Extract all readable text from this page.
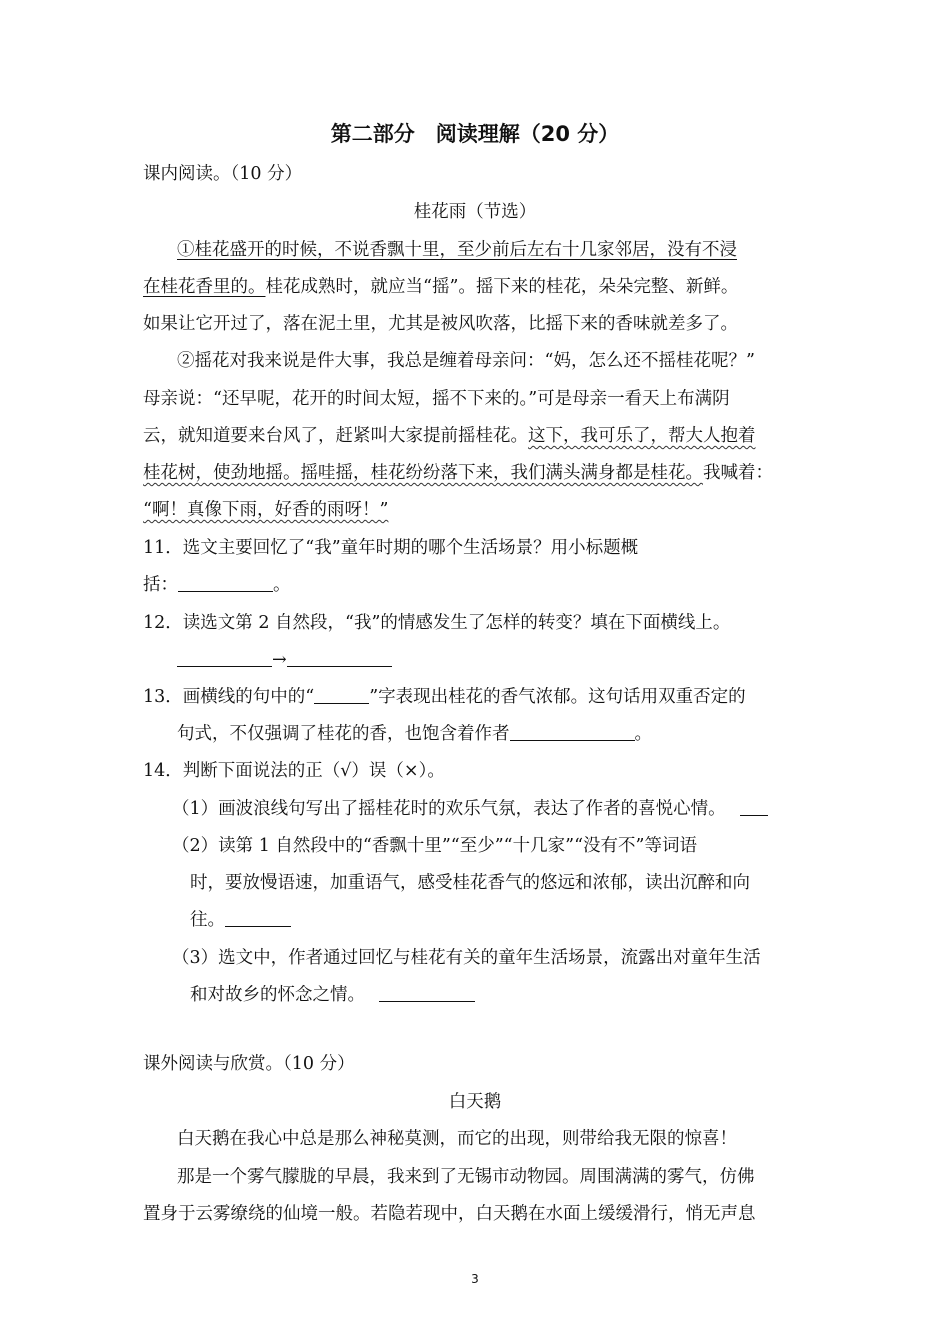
第二部分　阅读理解（20 分）
课内阅读。（10 分）
桂花雨（节选）
①桂花盛开的时候，不说香飘十里，至少前后左右十几家邻居，没有不浸
在桂花香里的。桂花成熟时，就应当“摇”。摇下来的桂花，朵朵完整、新鲜。
如果让它开过了，落在泥土里，尤其是被风吹落，比摇下来的香味就差多了。
②摇花对我来说是件大事，我总是缠着母亲问：“妈，怎么还不摇桂花呢？”
母亲说：“还早呢，花开的时间太短，摇不下来的。”可是母亲一看天上布满阴
云，就知道要来台风了，赶紧叫大家提前摇桂花。这下，我可乐了，帮大人抱着
桂花树，使劲地摇。摇哇摇，桂花纷纷落下来，我们满头满身都是桂花。我喊着：
“啊！真像下雨，好香的雨呀！”
11．选文主要回忆了“我”童年时期的哪个生活场景？用小标题概
括：	。
12．读选文第 2 自然段，“我”的情感发生了怎样的转变？填在下面横线上。
→
13．画横线的句中的“	”字表现出桂花的香气浓郁。这句话用双重否定的
句式，不仅强调了桂花的香，也饱含着作者	。
14．判断下面说法的正（√）误（×）。
（1）画波浪线句写出了摇桂花时的欢乐气氛，表达了作者的喜悦心情。
（2）读第 1 自然段中的“香飘十里”“至少”“十几家”“没有不”等词语
时，要放慢语速，加重语气，感受桂花香气的悠远和浓郁，读出沉醉和向
往。
（3）选文中，作者通过回忆与桂花有关的童年生活场景，流露出对童年生活
和对故乡的怀念之情。
课外阅读与欣赏。（10 分）
白天鹅
白天鹅在我心中总是那么神秘莫测，而它的出现，则带给我无限的惊喜！
那是一个雾气朦胧的早晨，我来到了无锡市动物园。周围满满的雾气，仿佛
置身于云雾缭绕的仙境一般。若隐若现中，白天鹅在水面上缓缓滑行，悄无声息
3
